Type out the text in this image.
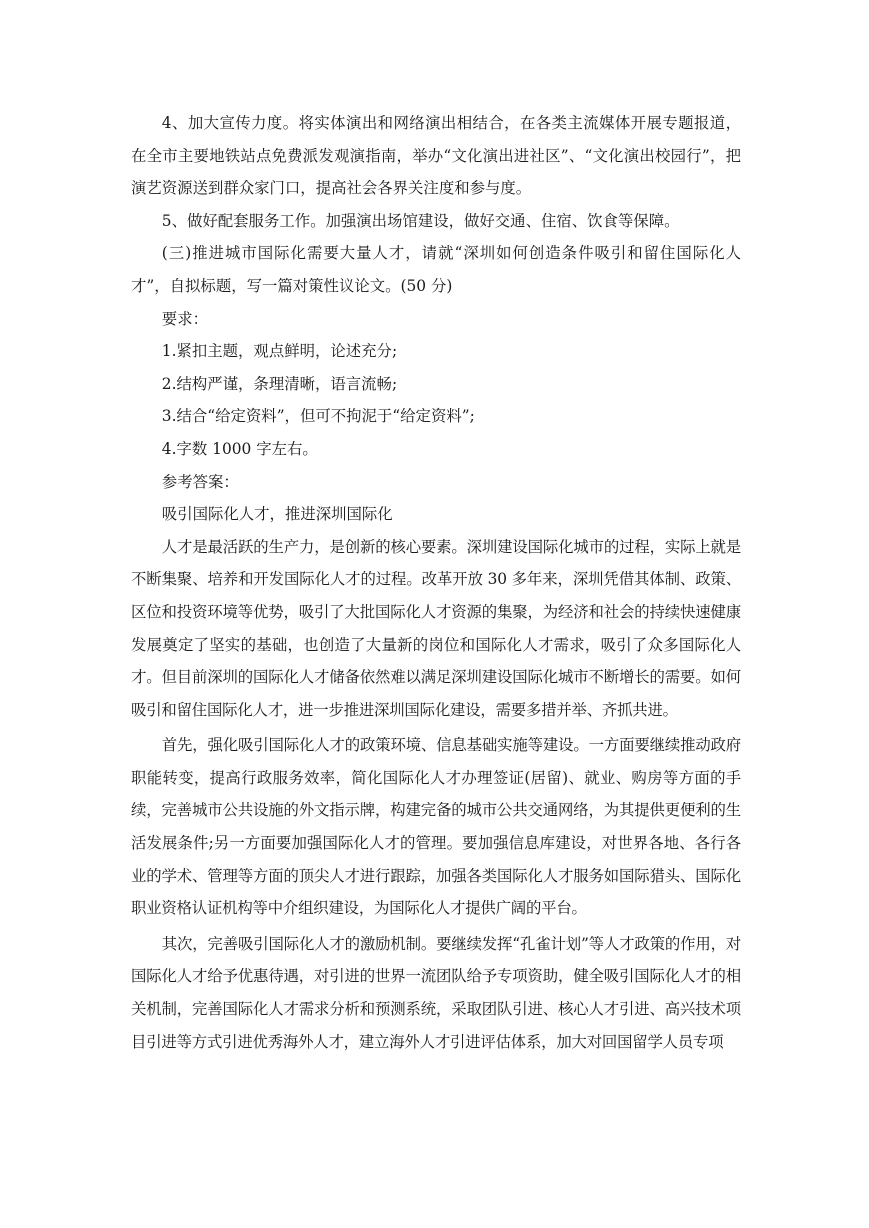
4、加大宣传力度。将实体演出和网络演出相结合，在各类主流媒体开展专题报道，在全市主要地铁站点免费派发观演指南，举办“文化演出进社区”、“文化演出校园行”，把演艺资源送到群众家门口，提高社会各界关注度和参与度。

5、做好配套服务工作。加强演出场馆建设，做好交通、住宿、饮食等保障。

(三)推进城市国际化需要大量人才，请就“深圳如何创造条件吸引和留住国际化人才”，自拟标题，写一篇对策性议论文。(50 分)

要求：

1.紧扣主题，观点鲜明，论述充分;

2.结构严谨，条理清晰，语言流畅;

3.结合“给定资料”，但可不拘泥于“给定资料”;

4.字数 1000 字左右。

参考答案：

吸引国际化人才，推进深圳国际化

人才是最活跃的生产力，是创新的核心要素。深圳建设国际化城市的过程，实际上就是不断集聚、培养和开发国际化人才的过程。改革开放 30 多年来，深圳凭借其体制、政策、区位和投资环境等优势，吸引了大批国际化人才资源的集聚，为经济和社会的持续快速健康发展奠定了坚实的基础，也创造了大量新的岗位和国际化人才需求，吸引了众多国际化人才。但目前深圳的国际化人才储备依然难以满足深圳建设国际化城市不断增长的需要。如何吸引和留住国际化人才，进一步推进深圳国际化建设，需要多措并举、齐抓共进。

首先，强化吸引国际化人才的政策环境、信息基础实施等建设。一方面要继续推动政府职能转变，提高行政服务效率，简化国际化人才办理签证(居留)、就业、购房等方面的手续，完善城市公共设施的外文指示牌，构建完备的城市公共交通网络，为其提供更便利的生活发展条件;另一方面要加强国际化人才的管理。要加强信息库建设，对世界各地、各行各业的学术、管理等方面的顶尖人才进行跟踪，加强各类国际化人才服务如国际猎头、国际化职业资格认证机构等中介组织建设，为国际化人才提供广阔的平台。

其次，完善吸引国际化人才的激励机制。要继续发挥“孔雀计划”等人才政策的作用，对国际化人才给予优惠待遇，对引进的世界一流团队给予专项资助，健全吸引国际化人才的相关机制，完善国际化人才需求分析和预测系统，采取团队引进、核心人才引进、高兴技术项目引进等方式引进优秀海外人才，建立海外人才引进评估体系，加大对回国留学人员专项
